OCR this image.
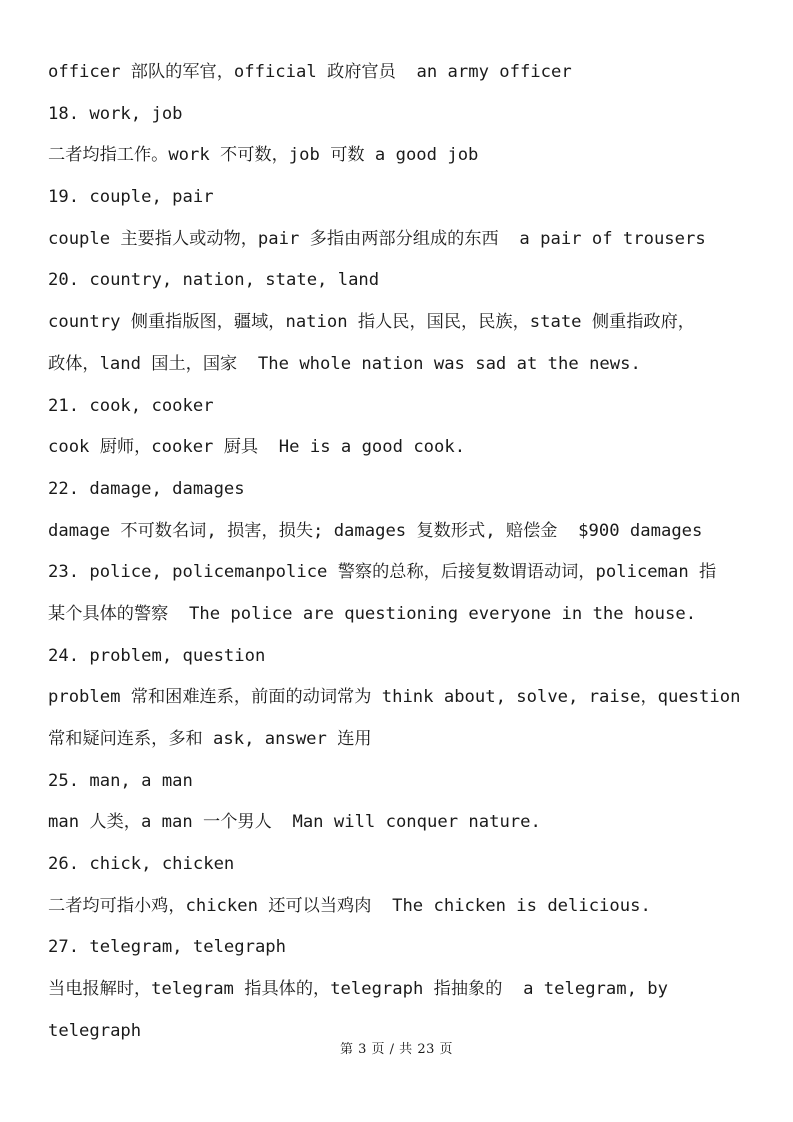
officer 部队的军官，official 政府官员  an army officer
18. work, job
二者均指工作。work 不可数，job 可数 a good job
19. couple, pair
couple 主要指人或动物，pair 多指由两部分组成的东西  a pair of trousers
20. country, nation, state, land
country 侧重指版图，疆域，nation 指人民，国民，民族，state 侧重指政府，
政体，land 国土，国家  The whole nation was sad at the news.
21. cook, cooker
cook 厨师，cooker 厨具  He is a good cook.
22. damage, damages
damage 不可数名词, 损害，损失; damages 复数形式, 赔偿金  $900 damages
23. police, policemanpolice 警察的总称，后接复数谓语动词，policeman 指
某个具体的警察  The police are questioning everyone in the house.
24. problem, question
problem 常和困难连系，前面的动词常为 think about, solve, raise，question
常和疑问连系，多和 ask, answer 连用
25. man, a man
man 人类，a man 一个男人  Man will conquer nature.
26. chick, chicken
二者均可指小鸡，chicken 还可以当鸡肉  The chicken is delicious.
27. telegram, telegraph
当电报解时，telegram 指具体的，telegraph 指抽象的  a telegram, by
telegraph
第 3 页 / 共 23 页
